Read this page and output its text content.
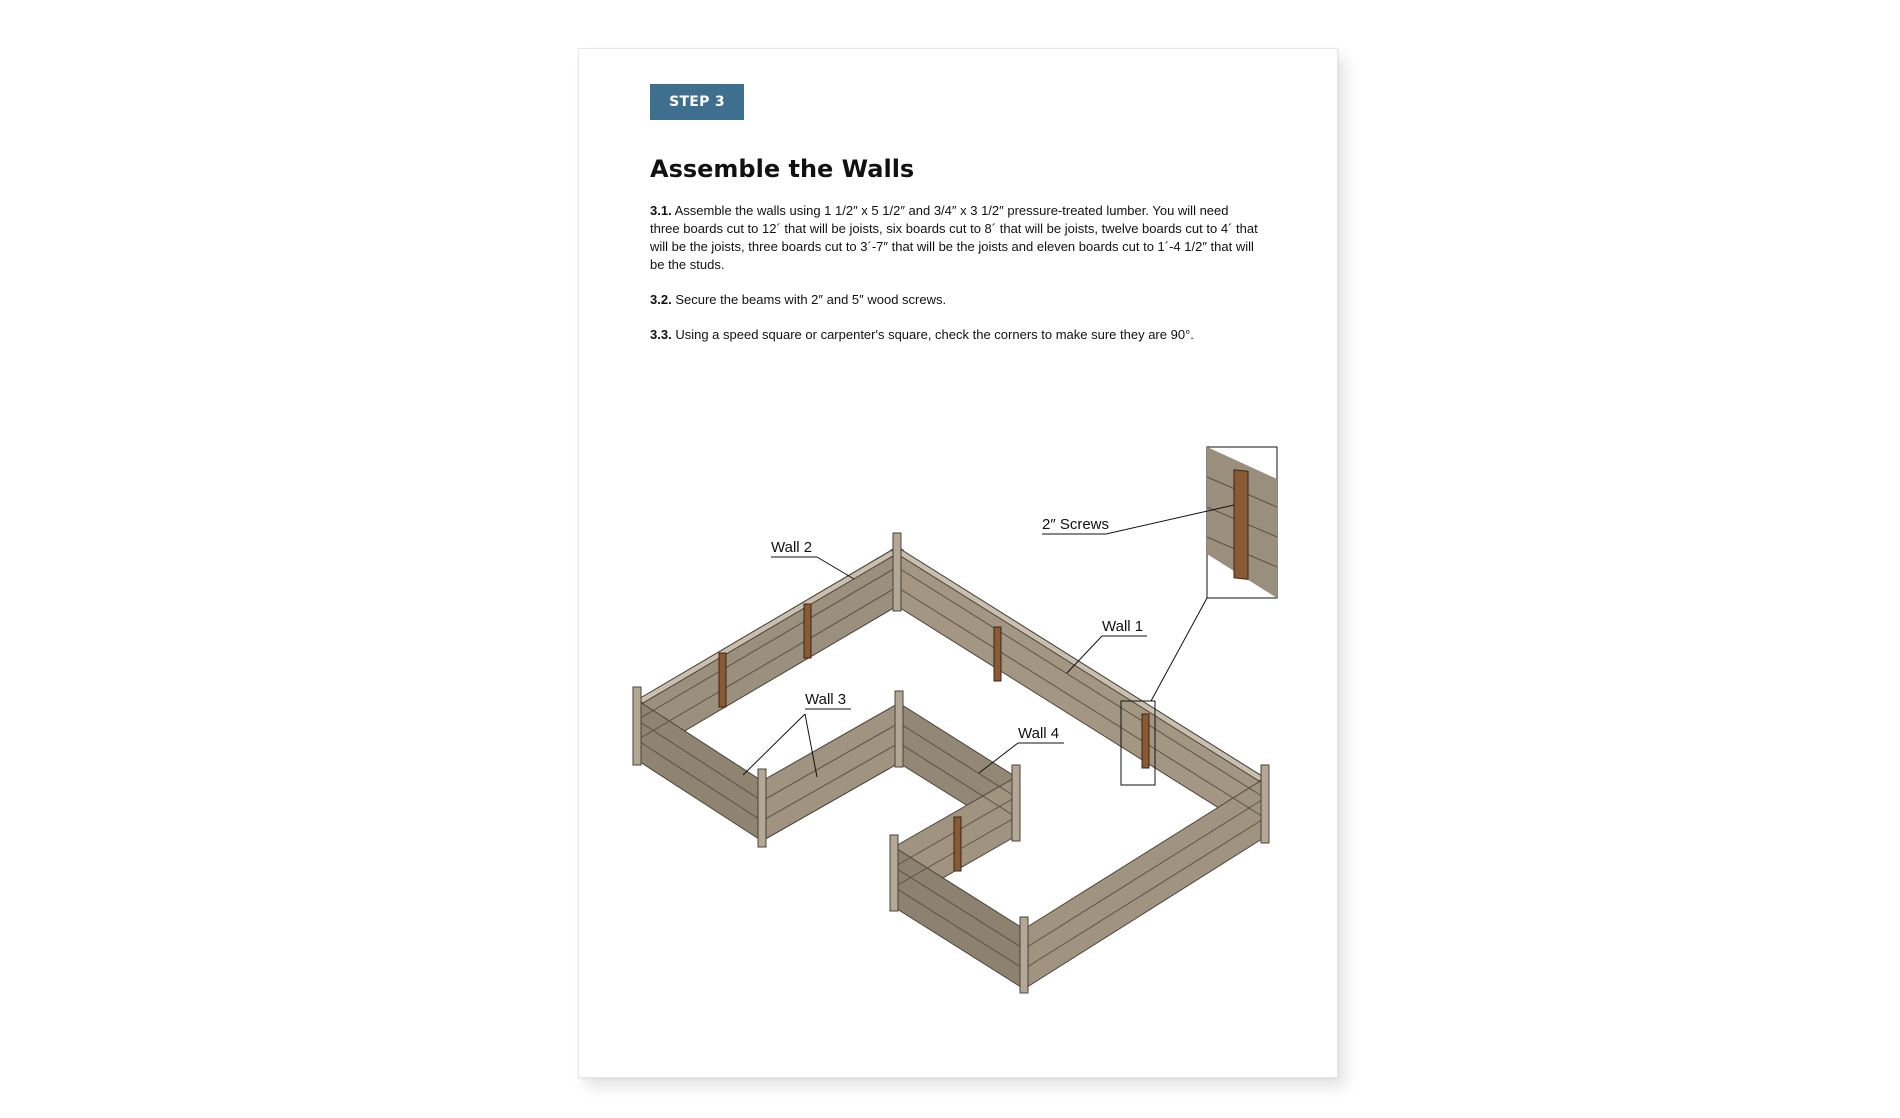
STEP 3
Assemble the Walls

3.1. Assemble the walls using 1 1/2″ x 5 1/2″ and 3/4″ x 3 1/2″ pressure-treated lumber. You will need three boards cut to 12´ that will be joists, six boards cut to 8´ that will be joists, twelve boards cut to 4´ that will be the joists, three boards cut to 3´-7″ that will be the joists and eleven boards cut to 1´-4 1/2″ that will be the studs.

3.2. Secure the beams with 2″ and 5″ wood screws.

3.3. Using a speed square or carpenter's square, check the corners to make sure they are 90°.

Wall 2
Wall 1
Wall 3
Wall 4
2″ Screws
